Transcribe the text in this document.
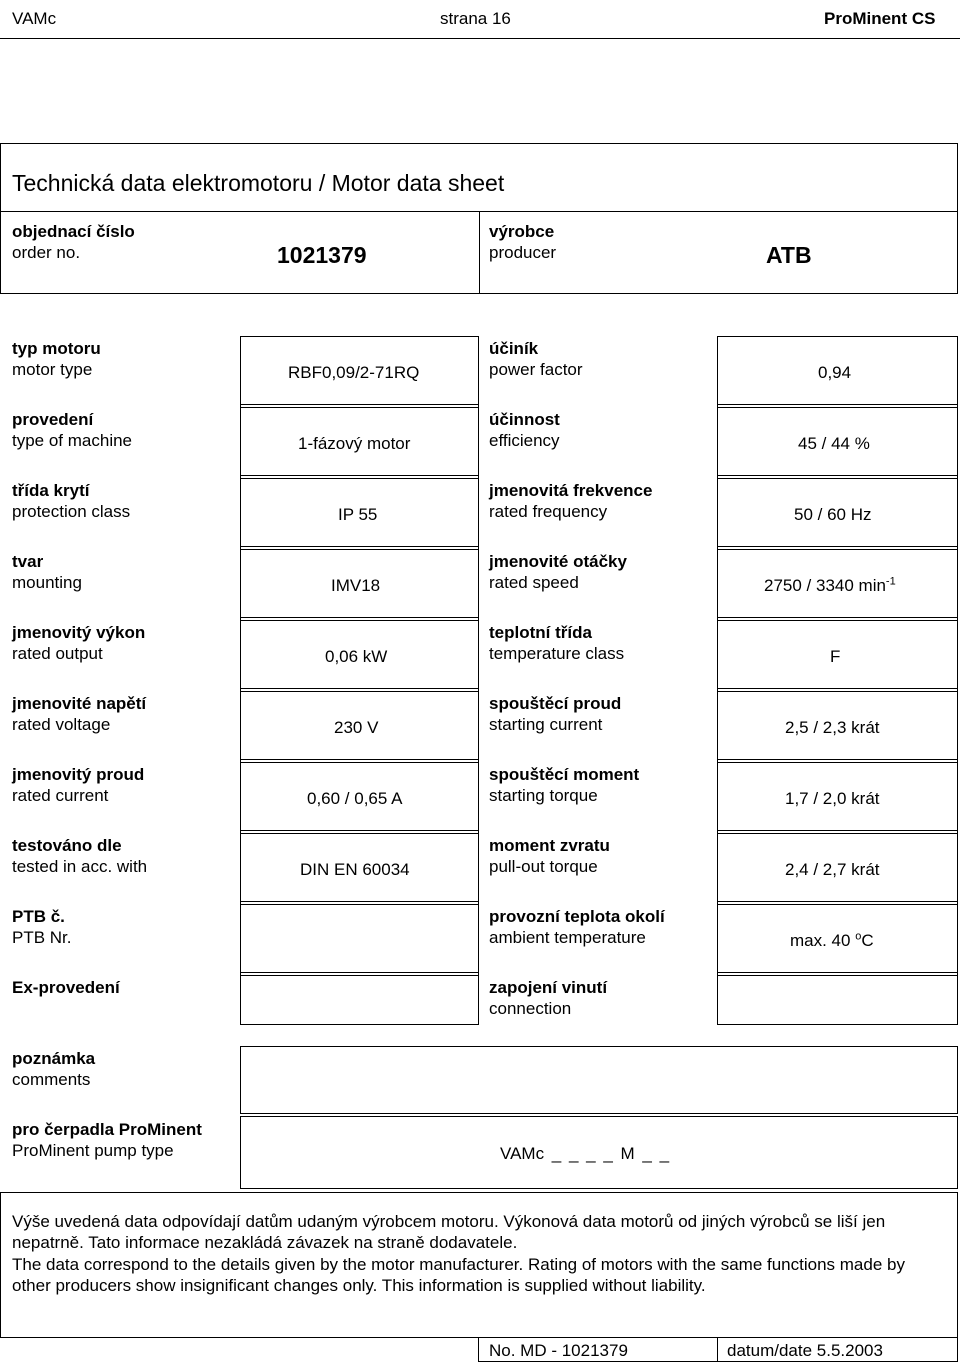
VAMc	strana 16	ProMinent CS
Technická data elektromotoru / Motor data sheet
objednací číslo
order no.	1021379
výrobce
producer	ATB
typ motoru
motor type	RBF0,09/2-71RQ
provedení
type of machine	1-fázový motor
třída krytí
protection class	IP 55
tvar
mounting	IMV18
jmenovitý výkon
rated output	0,06 kW
jmenovité napětí
rated voltage	230 V
jmenovitý proud
rated current	0,60 / 0,65 A
testováno dle
tested in acc. with	DIN EN 60034
PTB č.
PTB Nr.
Ex-provedení
účiník
power factor	0,94
účinnost
efficiency	45 / 44 %
jmenovitá frekvence
rated frequency	50 / 60 Hz
jmenovité otáčky
rated speed	2750 / 3340 $\min^{-1}$
teplotní třída
temperature class	F
spouštěcí proud
starting current	2,5 / 2,3 krát
spouštěcí moment
starting torque	1,7 / 2,0 krát
moment zvratu
pull-out torque	2,4 / 2,7 krát
provozní teplota okolí
ambient temperature	max. 40 $^o$C
zapojení vinutí
connection
poznámka
comments
pro čerpadla ProMinent
ProMinent pump type	VAMc _ _ _ _ M _ _
Výše uvedená data odpovídají datům udaným výrobcem motoru. Výkonová data motorů od jiných výrobců se liší jen nepatrně. Tato informace nezakládá závazek na straně dodavatele.
The data correspond to the details given by the motor manufacturer. Rating of motors with the same functions made by other producers show insignificant changes only. This information is supplied without liability.
No. MD - 1021379	datum/date 5.5.2003
